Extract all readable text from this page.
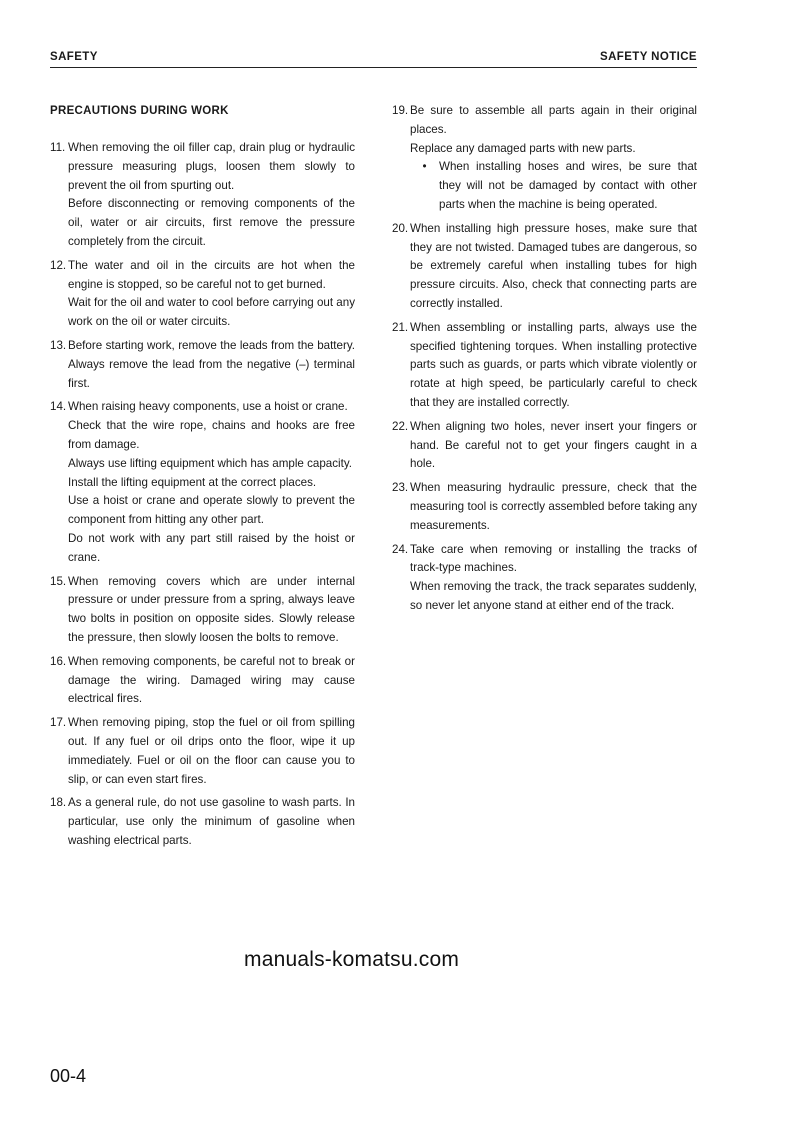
SAFETY	SAFETY NOTICE
PRECAUTIONS DURING WORK
11. When removing the oil filler cap, drain plug or hydraulic pressure measuring plugs, loosen them slowly to prevent the oil from spurting out.
Before disconnecting or removing components of the oil, water or air circuits, first remove the pressure completely from the circuit.
12. The water and oil in the circuits are hot when the engine is stopped, so be careful not to get burned.
Wait for the oil and water to cool before carrying out any work on the oil or water circuits.
13. Before starting work, remove the leads from the battery. Always remove the lead from the negative (–) terminal first.
14. When raising heavy components, use a hoist or crane.
Check that the wire rope, chains and hooks are free from damage.
Always use lifting equipment which has ample capacity.
Install the lifting equipment at the correct places.
Use a hoist or crane and operate slowly to prevent the component from hitting any other part.
Do not work with any part still raised by the hoist or crane.
15. When removing covers which are under internal pressure or under pressure from a spring, always leave two bolts in position on opposite sides. Slowly release the pressure, then slowly loosen the bolts to remove.
16. When removing components, be careful not to break or damage the wiring. Damaged wiring may cause electrical fires.
17. When removing piping, stop the fuel or oil from spilling out. If any fuel or oil drips onto the floor, wipe it up immediately. Fuel or oil on the floor can cause you to slip, or can even start fires.
18. As a general rule, do not use gasoline to wash parts. In particular, use only the minimum of gasoline when washing electrical parts.
19. Be sure to assemble all parts again in their original places.
Replace any damaged parts with new parts.
•	When installing hoses and wires, be sure that they will not be damaged by contact with other parts when the machine is being operated.
20. When installing high pressure hoses, make sure that they are not twisted. Damaged tubes are dangerous, so be extremely careful when installing tubes for high pressure circuits. Also, check that connecting parts are correctly installed.
21. When assembling or installing parts, always use the specified tightening torques. When installing protective parts such as guards, or parts which vibrate violently or rotate at high speed, be particularly careful to check that they are installed correctly.
22. When aligning two holes, never insert your fingers or hand. Be careful not to get your fingers caught in a hole.
23. When measuring hydraulic pressure, check that the measuring tool is correctly assembled before taking any measurements.
24. Take care when removing or installing the tracks of track-type machines.
When removing the track, the track separates suddenly, so never let anyone stand at either end of the track.
manuals-komatsu.com
00-4
